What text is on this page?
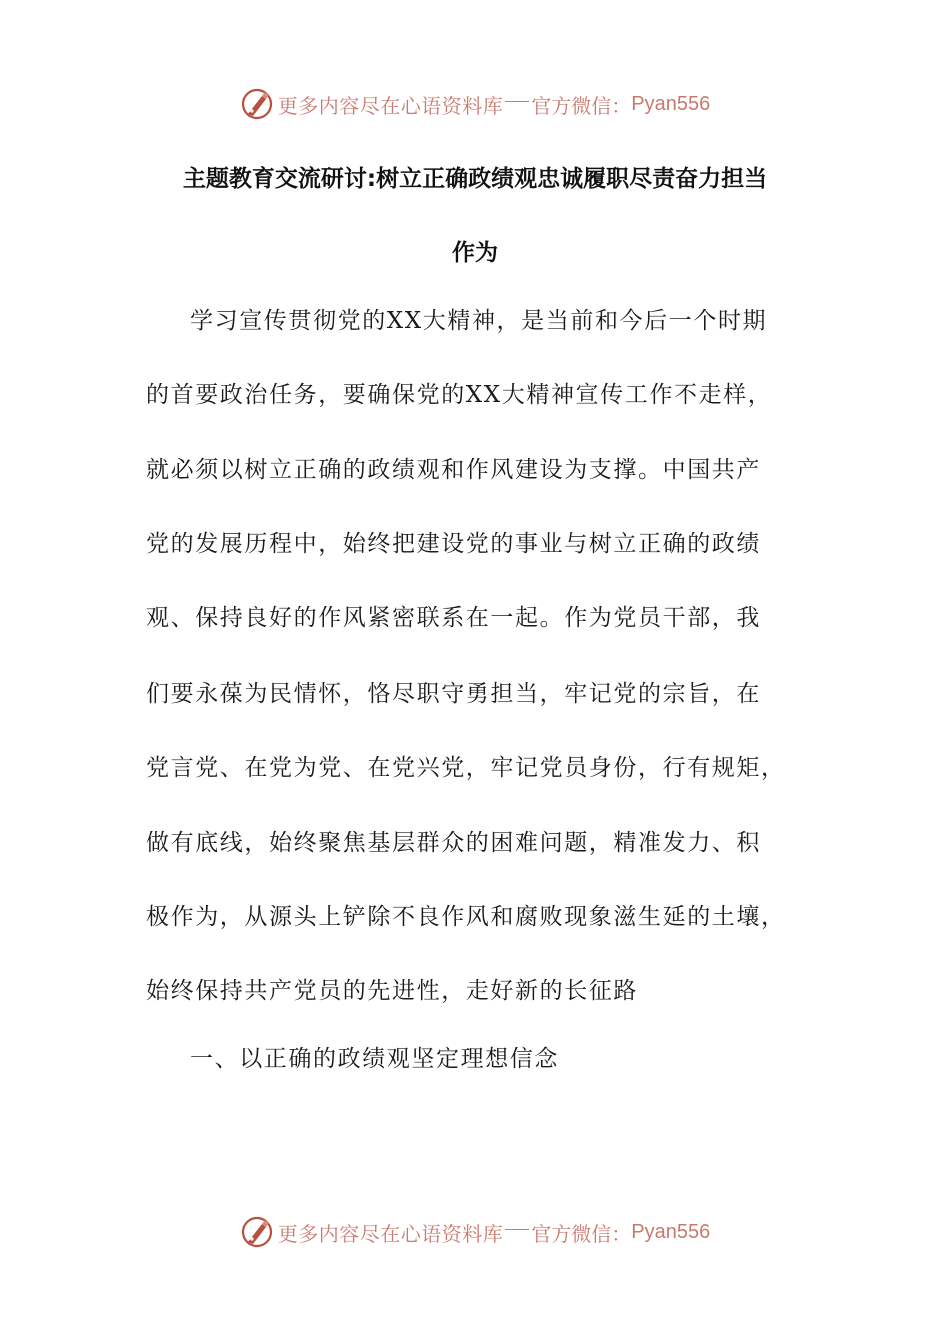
更多内容尽在心语资料库 官方微信： Pyan556
主题教育交流研讨:树立正确政绩观忠诚履职尽责奋力担当
作为
学习宣传贯彻党的XX大精神，是当前和今后一个时期
的首要政治任务，要确保党的XX大精神宣传工作不走样，
就必须以树立正确的政绩观和作风建设为支撑。中国共产
党的发展历程中，始终把建设党的事业与树立正确的政绩
观、保持良好的作风紧密联系在一起。作为党员干部，我
们要永葆为民情怀，恪尽职守勇担当，牢记党的宗旨，在
党言党、在党为党、在党兴党，牢记党员身份，行有规矩，
做有底线，始终聚焦基层群众的困难问题，精准发力、积
极作为，从源头上铲除不良作风和腐败现象滋生延的土壤，
始终保持共产党员的先进性，走好新的长征路
一、以正确的政绩观坚定理想信念
更多内容尽在心语资料库 官方微信： Pyan556
